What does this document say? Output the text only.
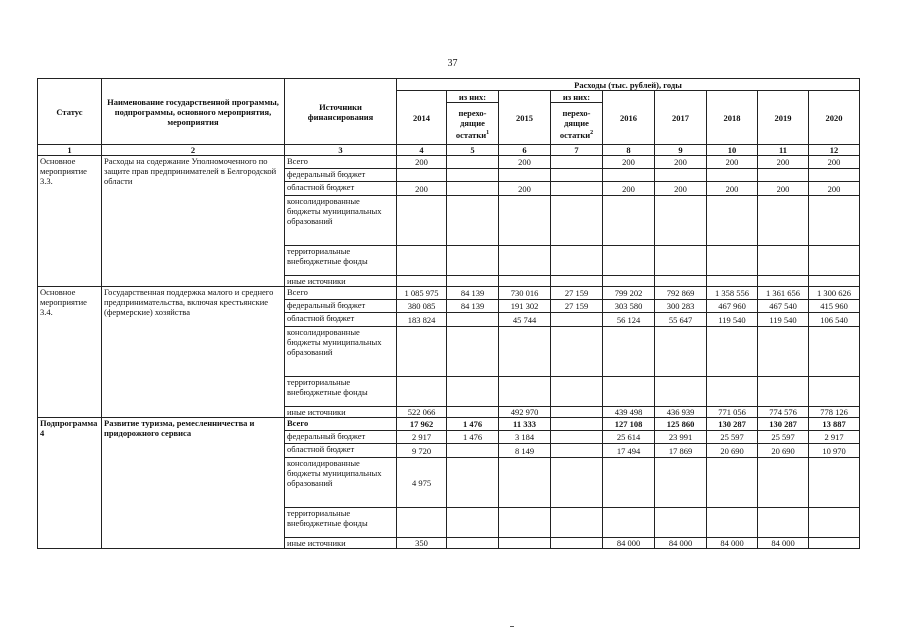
37
Статус	Наименование государственной программы, подпрограммы, основного мероприятия, мероприятия	Источники финансирования	Расходы (тыс. рублей), годы								
			2014	из них:	2015	из них:	2016	2017	2018	2019	2020
				перехо-дящие остатки$^1$		перехо-дящие остатки$^2$
1	2	3	4	5	6	7	8	9	10	11	12
Основное мероприятие 3.3.	Расходы на содержание Уполномоченного по защите прав предпринимателей в Белгородской области	Всего	200		200		200	200	200	200	200
		федеральный бюджет									
		областной бюджет	200		200		200	200	200	200	200
		консолидированные бюджеты муниципальных образований									
		территориальные внебюджетные фонды									
		иные источники									
Основное мероприятие 3.4.	Государственная поддержка малого и среднего предпринимательства, включая крестьянские (фермерские) хозяйства	Всего	1 085 975	84 139	730 016	27 159	799 202	792 869	1 358 556	1 361 656	1 300 626
		федеральный бюджет	380 085	84 139	191 302	27 159	303 580	300 283	467 960	467 540	415 960
		областной бюджет	183 824		45 744		56 124	55 647	119 540	119 540	106 540
		консолидированные бюджеты муниципальных образований									
		территориальные внебюджетные фонды									
		иные источники	522 066		492 970		439 498	436 939	771 056	774 576	778 126
Подпрограмма 4	Развитие туризма, ремесленничества и придорожного сервиса	Всего	17 962	1 476	11 333		127 108	125 860	130 287	130 287	13 887
		федеральный бюджет	2 917	1 476	3 184		25 614	23 991	25 597	25 597	2 917
		областной бюджет	9 720		8 149		17 494	17 869	20 690	20 690	10 970
		консолидированные бюджеты муниципальных образований	4 975								
		территориальные внебюджетные фонды									
		иные источники	350				84 000	84 000	84 000	84 000	
